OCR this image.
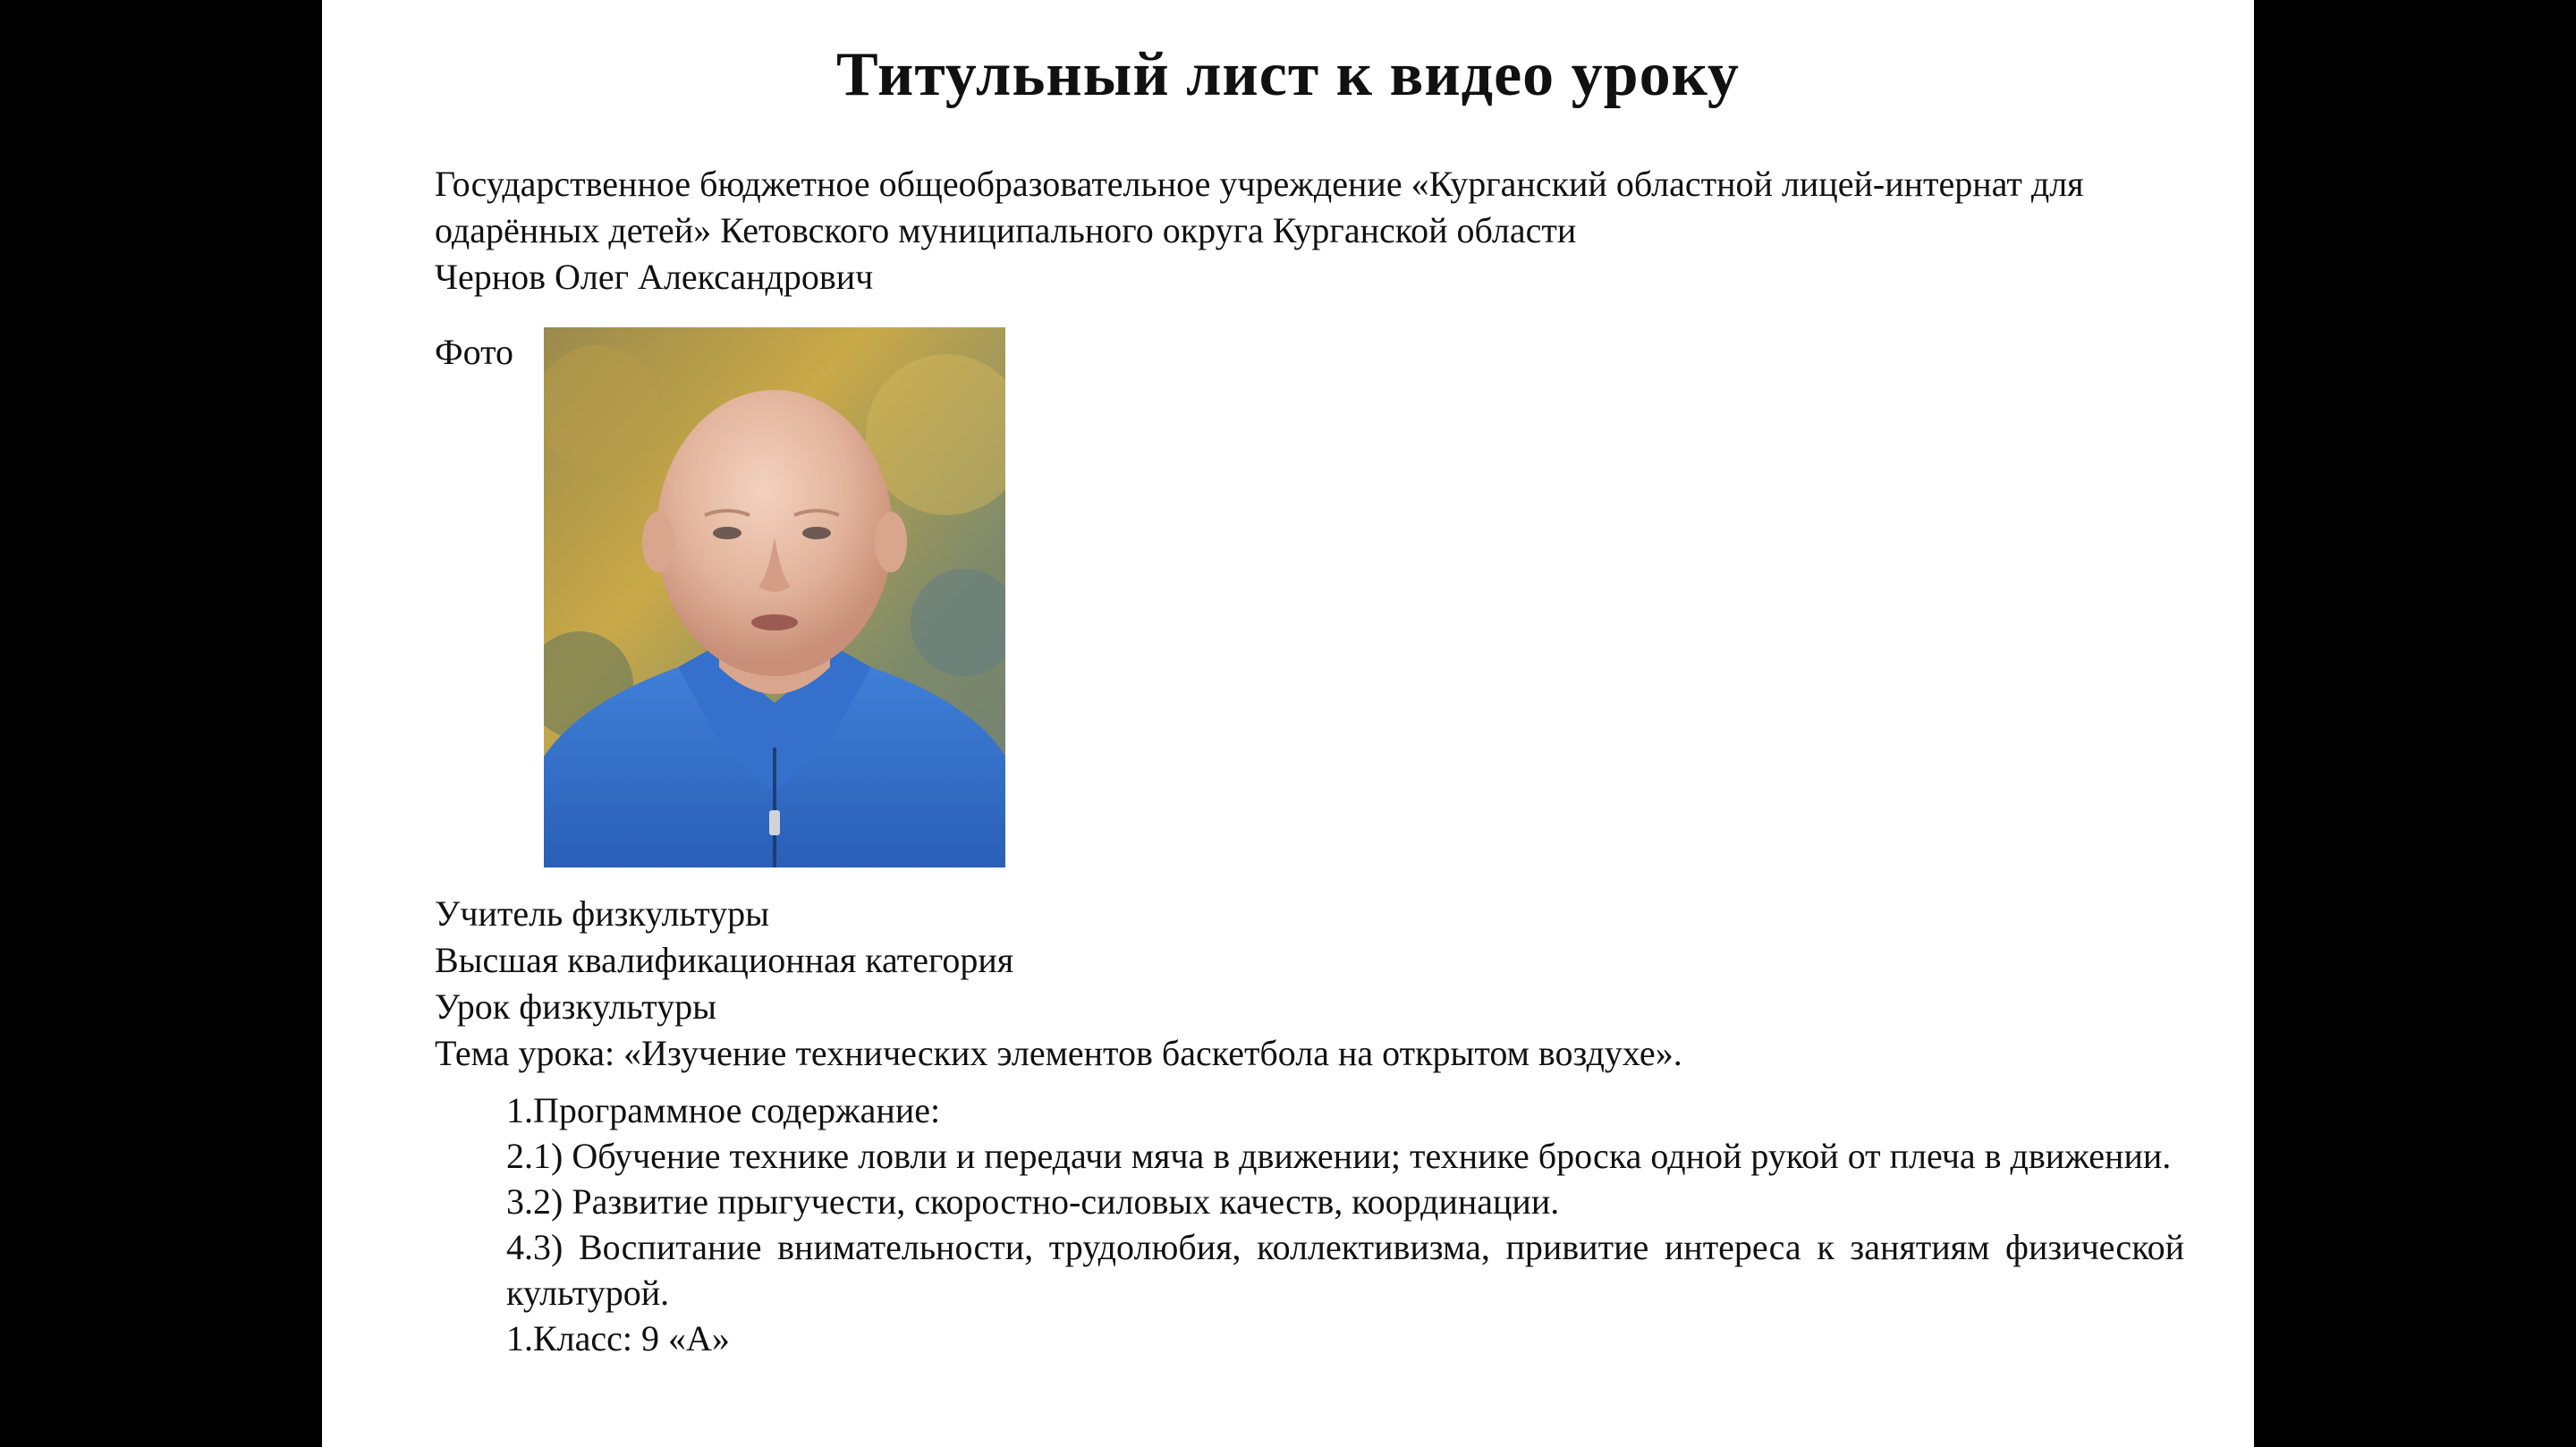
Титульный лист к видео уроку
Государственное бюджетное общеобразовательное учреждение «Курганский областной лицей-интернат для одарённых детей» Кетовского муниципального округа Курганской области
Чернов Олег Александрович
Фото
Учитель физкультуры
Высшая квалификационная категория
Урок физкультуры
Тема урока: «Изучение технических элементов баскетбола на открытом воздухе».

1.Программное содержание:

2.1) Обучение технике ловли и передачи мяча в движении; технике броска одной рукой от плеча в движении.

3.2) Развитие прыгучести, скоростно-силовых качеств, координации.

4.3) Воспитание внимательности, трудолюбия, коллективизма, привитие интереса к занятиям физической культурой.

1.Класс: 9 «А»
